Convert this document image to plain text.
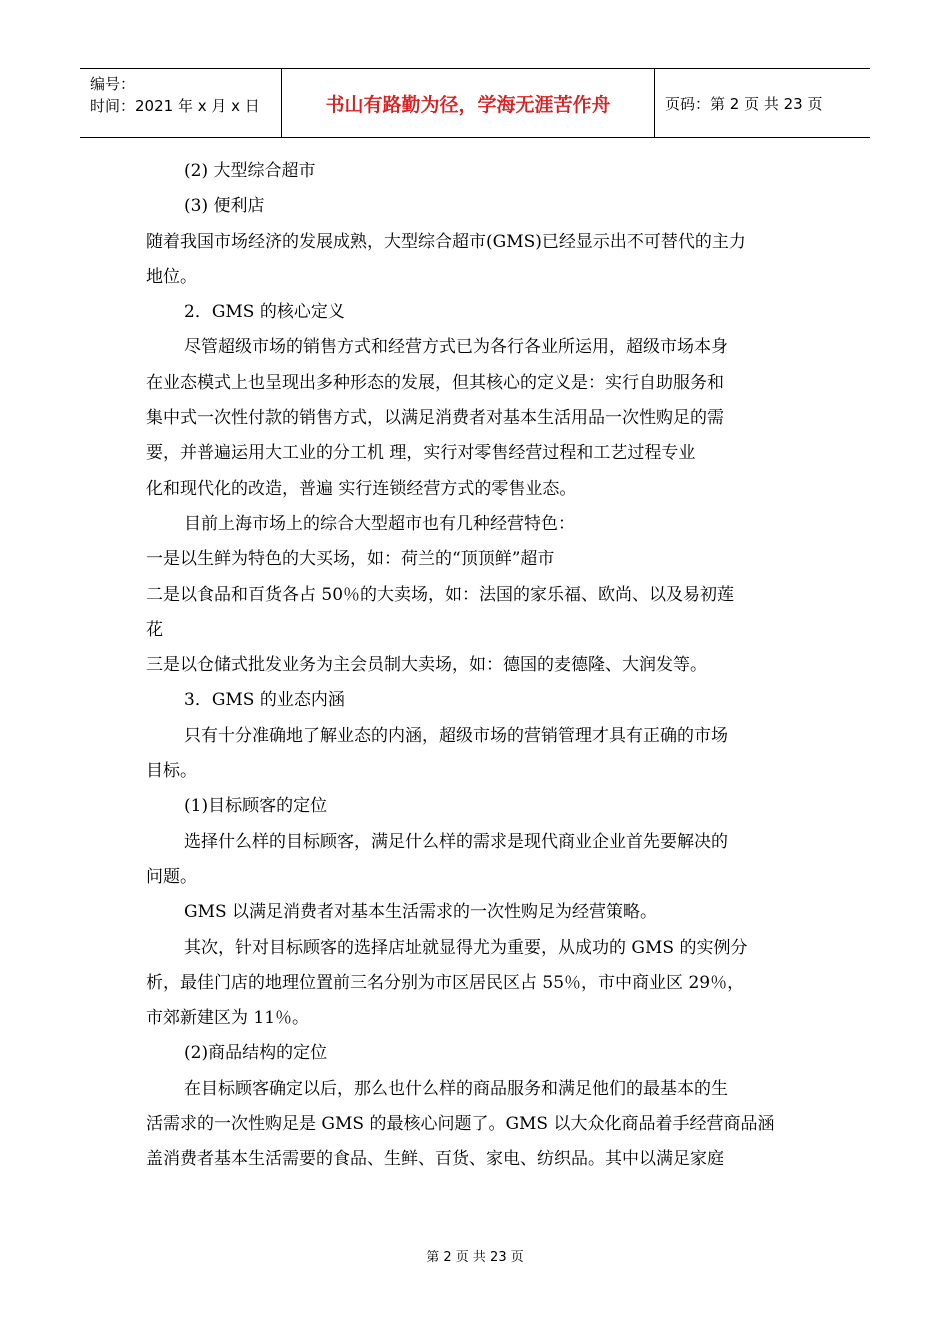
编号：
时间：2021 年 x 月 x 日	书山有路勤为径，学海无涯苦作舟	页码：第 2 页 共 23 页
(2) 大型综合超市
(3) 便利店
随着我国市场经济的发展成熟，大型综合超市(GMS)已经显示出不可替代的主力
地位。
2．GMS 的核心定义
尽管超级市场的销售方式和经营方式已为各行各业所运用，超级市场本身
在业态模式上也呈现出多种形态的发展，但其核心的定义是：实行自助服务和
集中式一次性付款的销售方式，以满足消费者对基本生活用品一次性购足的需
要，并普遍运用大工业的分工机 理，实行对零售经营过程和工艺过程专业
化和现代化的改造，普遍 实行连锁经营方式的零售业态。
目前上海市场上的综合大型超市也有几种经营特色：
一是以生鲜为特色的大买场，如：荷兰的“顶顶鲜”超市
二是以食品和百货各占 50％的大卖场，如：法国的家乐福、欧尚、以及易初莲
花
三是以仓储式批发业务为主会员制大卖场，如：德国的麦德隆、大润发等。
3．GMS 的业态内涵
只有十分准确地了解业态的内涵，超级市场的营销管理才具有正确的市场
目标。
(1)目标顾客的定位
选择什么样的目标顾客，满足什么样的需求是现代商业企业首先要解决的
问题。
GMS 以满足消费者对基本生活需求的一次性购足为经营策略。
其次，针对目标顾客的选择店址就显得尤为重要，从成功的 GMS 的实例分
析，最佳门店的地理位置前三名分别为市区居民区占 55％，市中商业区 29％，
市郊新建区为 11％。
(2)商品结构的定位
在目标顾客确定以后，那么也什么样的商品服务和满足他们的最基本的生
活需求的一次性购足是 GMS 的最核心问题了。GMS 以大众化商品着手经营商品涵
盖消费者基本生活需要的食品、生鲜、百货、家电、纺织品。其中以满足家庭
第 2 页 共 23 页
